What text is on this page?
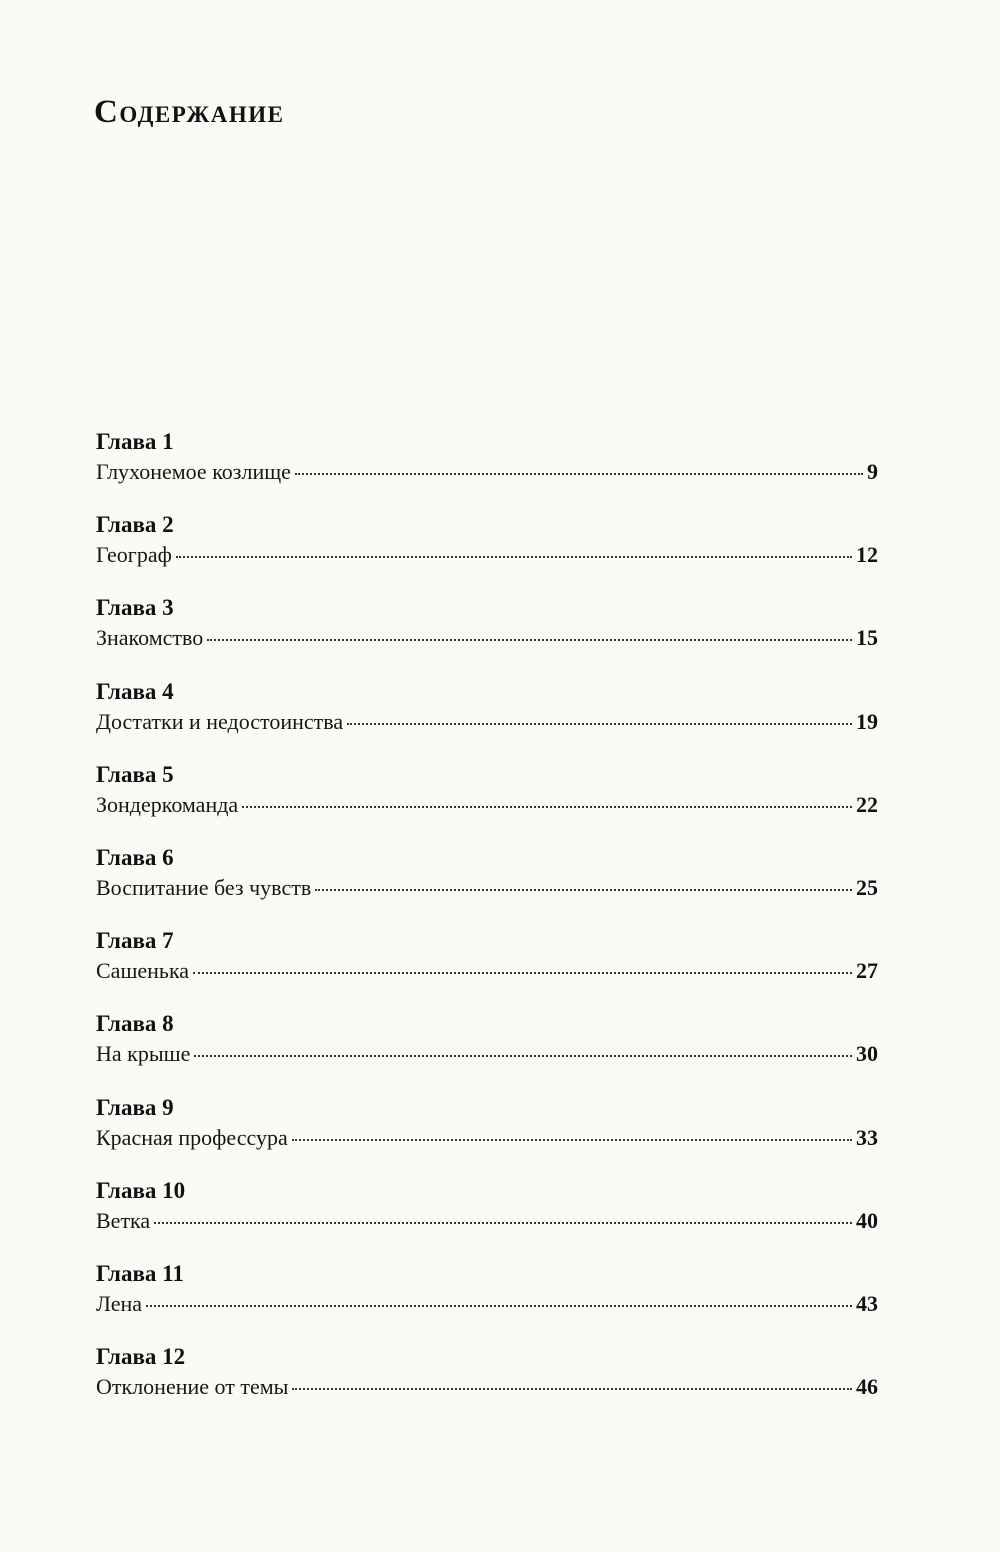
Содержание
Глава 1
Глухонемое козлище	9
Глава 2
Географ	12
Глава 3
Знакомство	15
Глава 4
Достатки и недостоинства	19
Глава 5
Зондеркоманда	22
Глава 6
Воспитание без чувств	25
Глава 7
Сашенька	27
Глава 8
На крыше	30
Глава 9
Красная профессура	33
Глава 10
Ветка	40
Глава 11
Лена	43
Глава 12
Отклонение от темы	46
